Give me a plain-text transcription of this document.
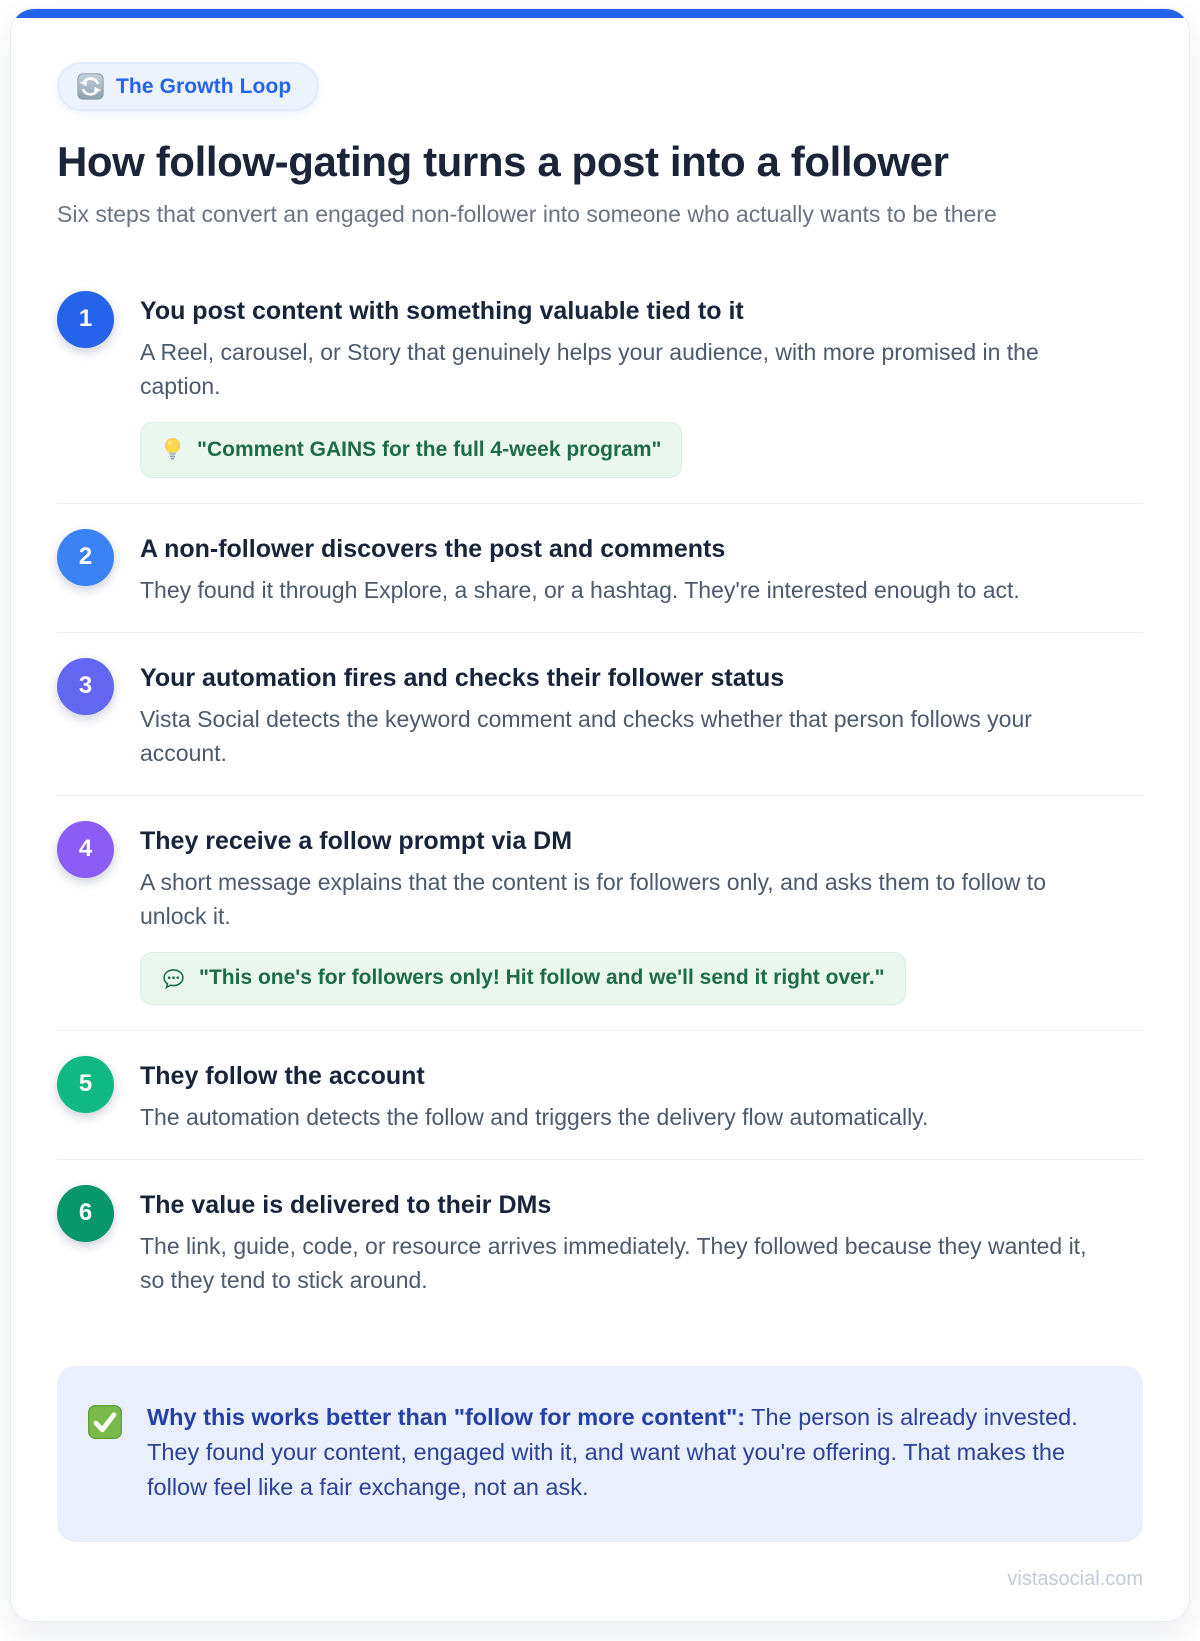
The Growth Loop
How follow-gating turns a post into a follower

Six steps that convert an engaged non-follower into someone who actually wants to be there

1	You post content with something valuable tied to it

A Reel, carousel, or Story that genuinely helps your audience, with more promised in the caption.

"Comment GAINS for the full 4-week program"
2	A non-follower discovers the post and comments

They found it through Explore, a share, or a hashtag. They're interested enough to act.

3	Your automation fires and checks their follower status

Vista Social detects the keyword comment and checks whether that person follows your account.

4	They receive a follow prompt via DM

A short message explains that the content is for followers only, and asks them to follow to unlock it.

"This one's for followers only! Hit follow and we'll send it right over."
5	They follow the account

The automation detects the follow and triggers the delivery flow automatically.

6	The value is delivered to their DMs

The link, guide, code, or resource arrives immediately. They followed because they wanted it, so they tend to stick around.

Why this works better than "follow for more content": The person is already invested. They found your content, engaged with it, and want what you're offering. That makes the follow feel like a fair exchange, not an ask.

vistasocial.com
